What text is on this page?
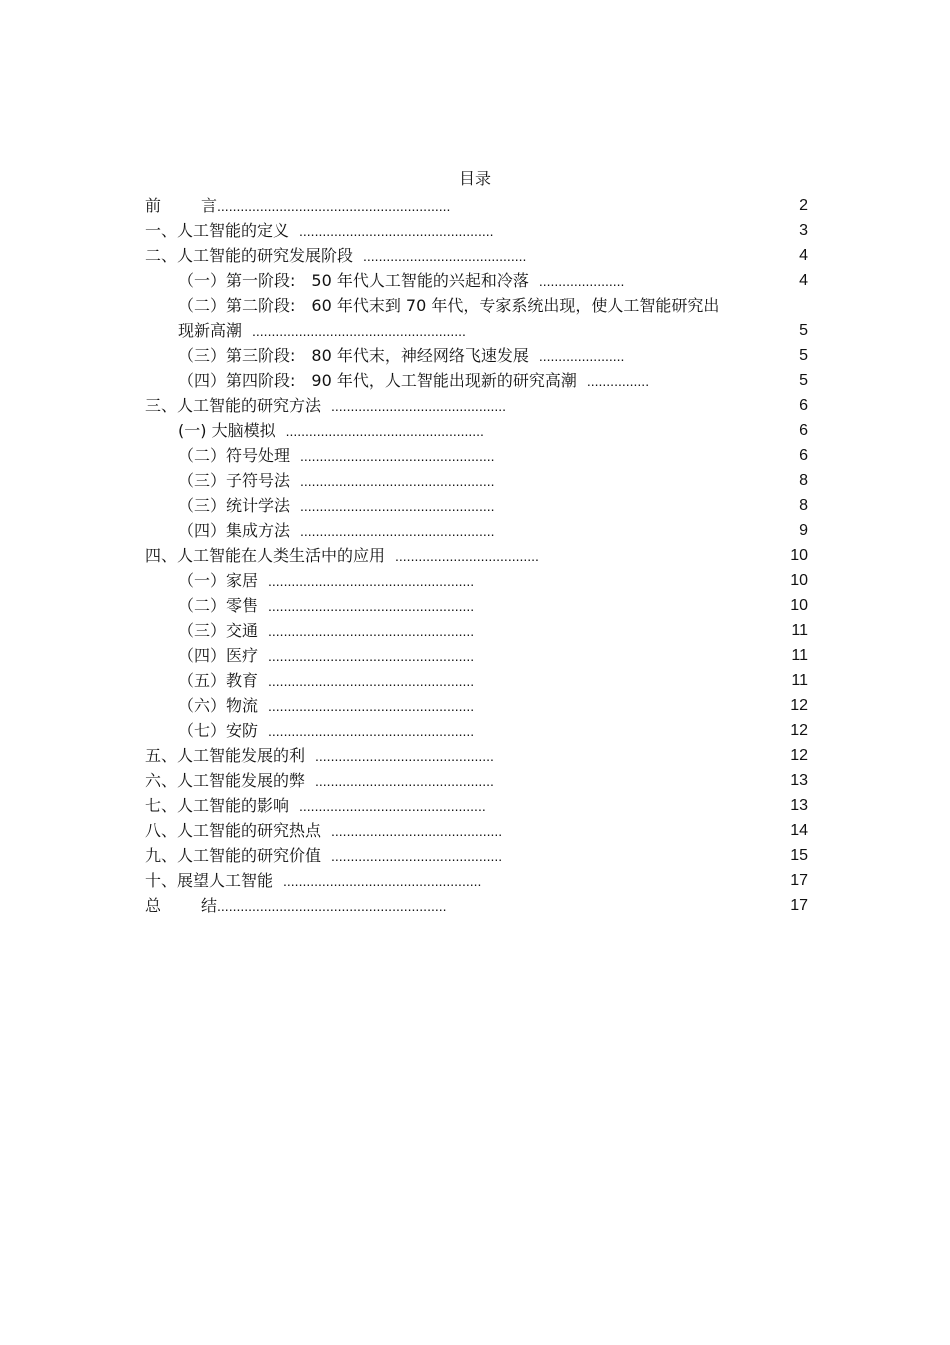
目录
前	言............................................................	2
一、人工智能的定义 ..................................................	3
二、人工智能的研究发展阶段 ..........................................	4
（一）第一阶段:　50 年代人工智能的兴起和冷落 ......................	4
（二）第二阶段:　60 年代末到 70 年代，专家系统出现，使人工智能研究出
现新高潮 .......................................................	5
（三）第三阶段:　80 年代末，神经网络飞速发展 ......................	5
（四）第四阶段:　90 年代，人工智能出现新的研究高潮 ................	5
三、人工智能的研究方法 .............................................	6
(一) 大脑模拟 ...................................................	6
（二）符号处理 ..................................................	6
（三）子符号法 ..................................................	8
（三）统计学法 ..................................................	8
（四）集成方法 ..................................................	9
四、人工智能在人类生活中的应用 .....................................	10
（一）家居 .....................................................	10
（二）零售 .....................................................	10
（三）交通 .....................................................	11
（四）医疗 .....................................................	11
（五）教育 .....................................................	11
（六）物流 .....................................................	12
（七）安防 .....................................................	12
五、人工智能发展的利 ..............................................	12
六、人工智能发展的弊 ..............................................	13
七、人工智能的影响 ................................................	13
八、人工智能的研究热点 ............................................	14
九、人工智能的研究价值 ............................................	15
十、展望人工智能 ...................................................	17
总	结...........................................................	17
